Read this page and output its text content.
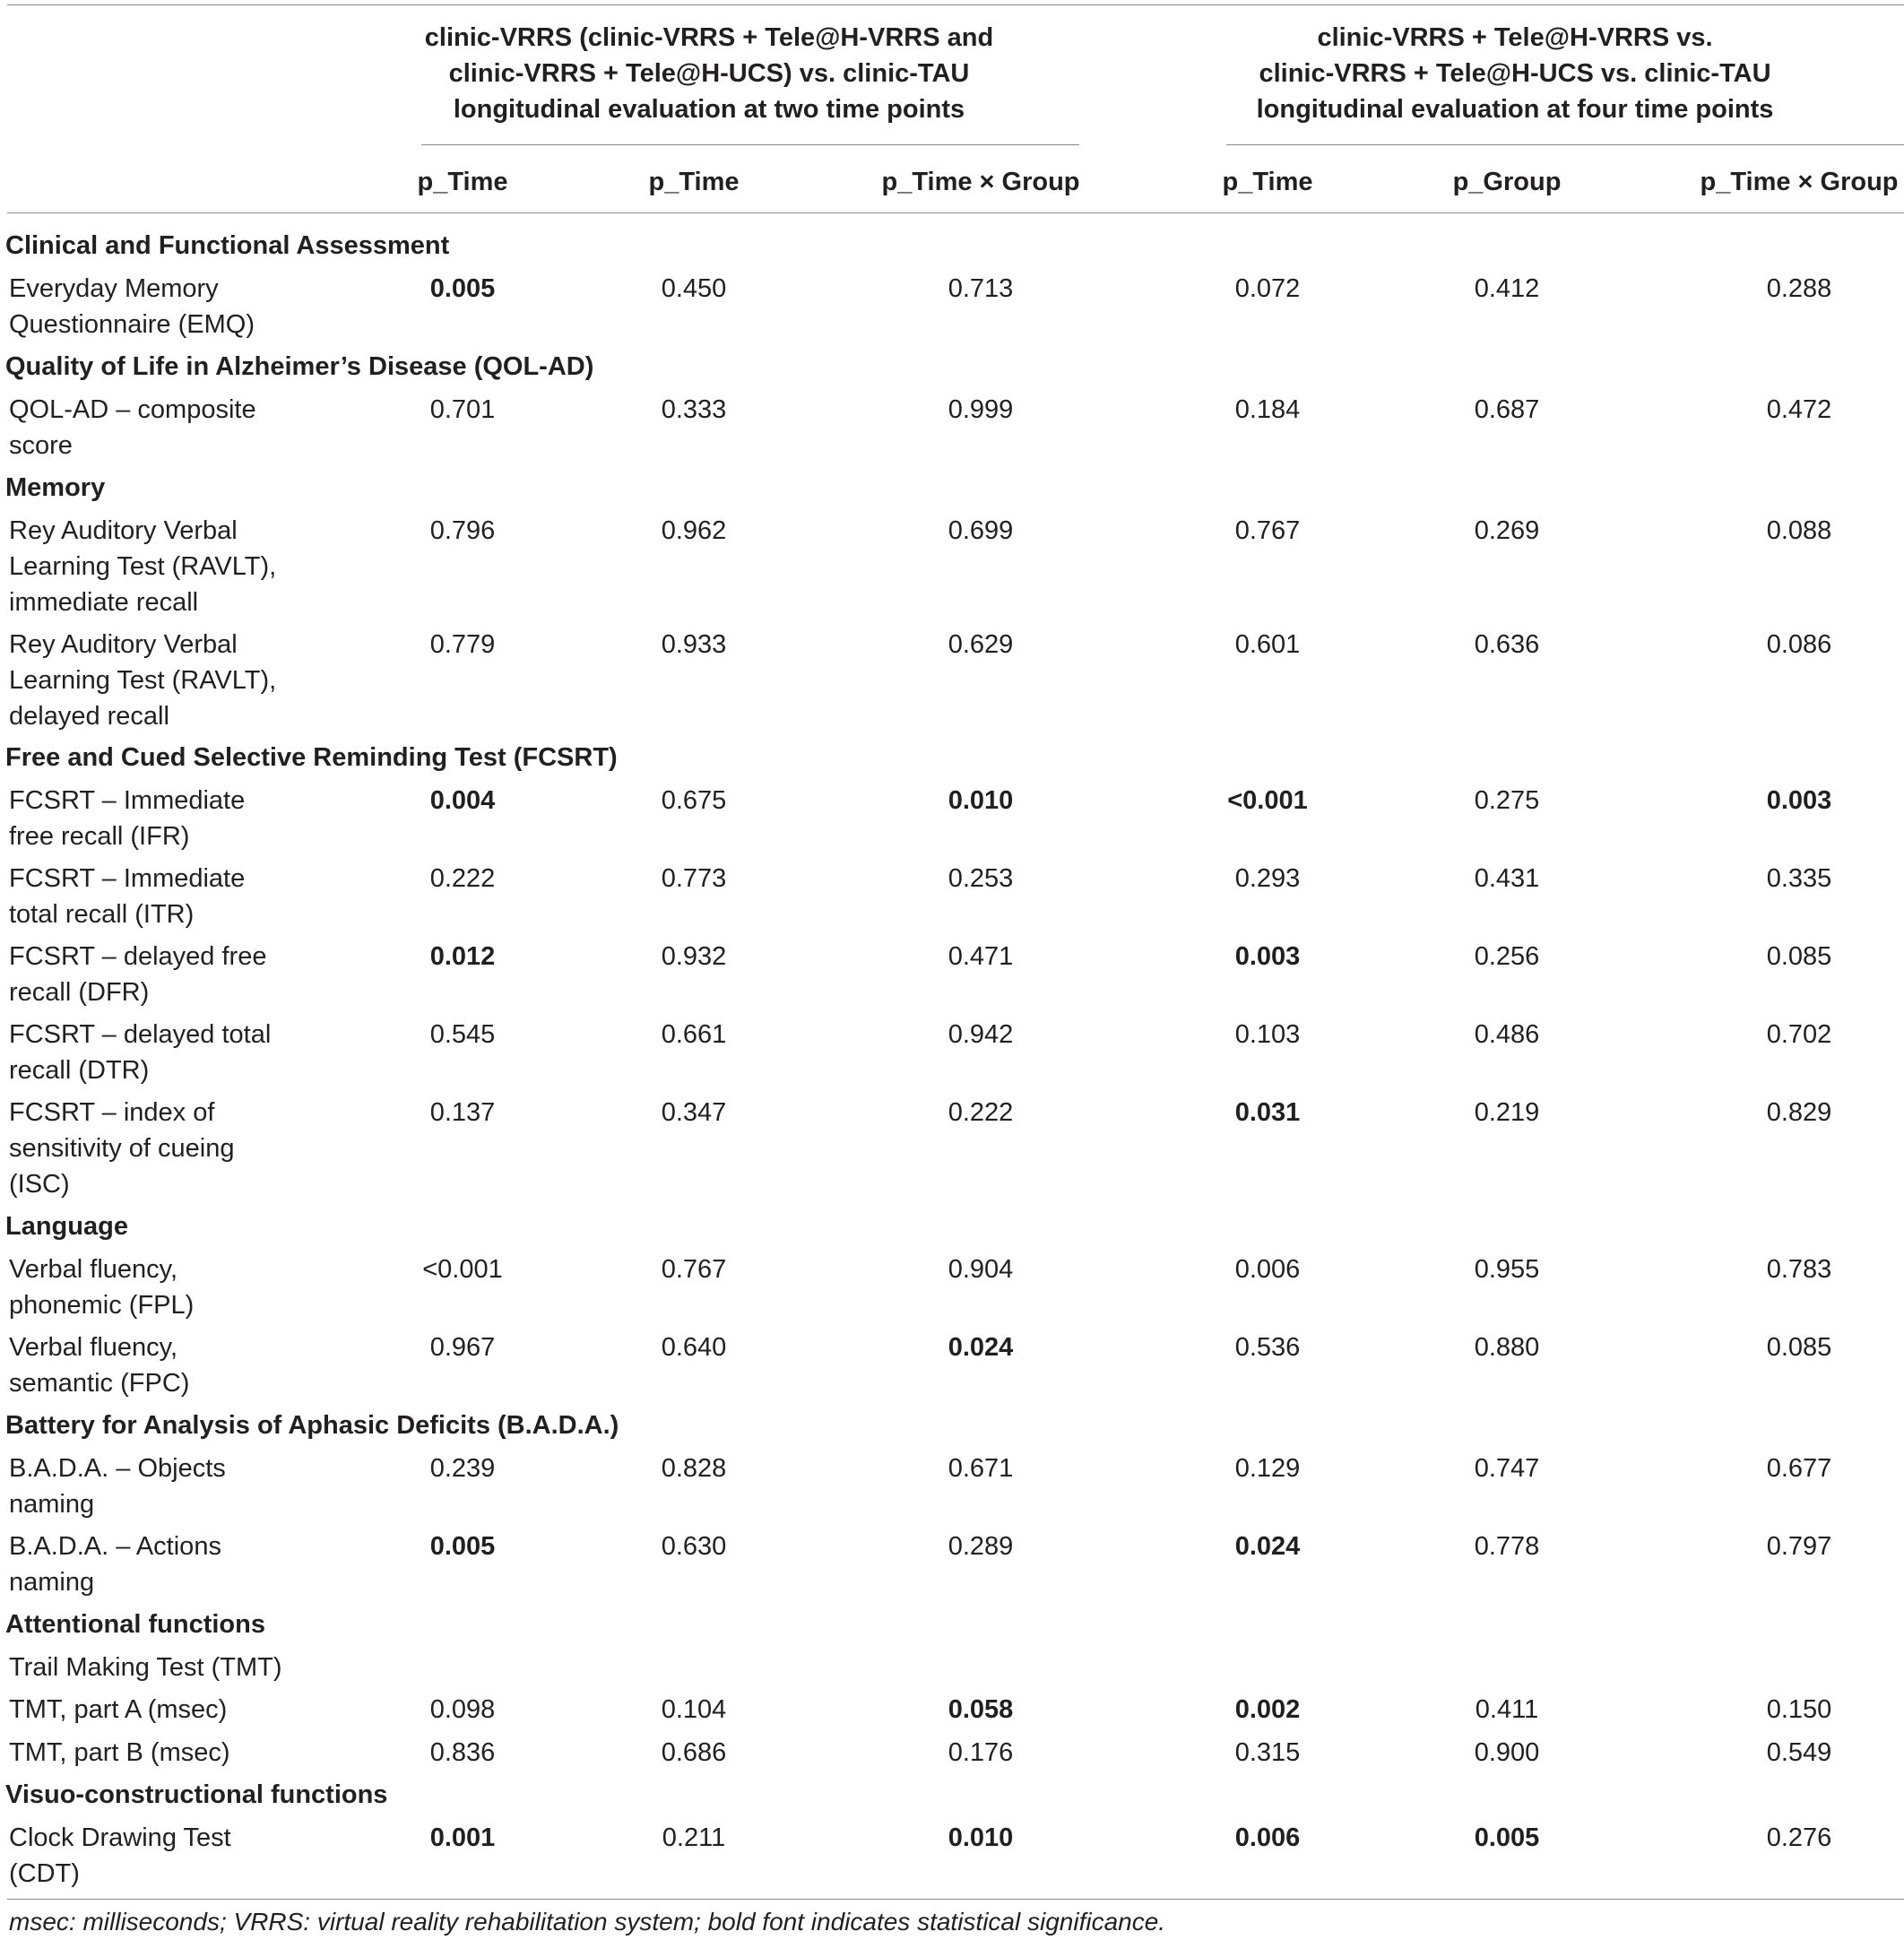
clinic-VRRS (clinic-VRRS + Tele@H-VRRS and
clinic-VRRS + Tele@H-UCS) vs. clinic-TAU
longitudinal evaluation at two time points
clinic-VRRS + Tele@H-VRRS vs.
clinic-VRRS + Tele@H-UCS vs. clinic-TAU
longitudinal evaluation at four time points
p_Time	p_Time	p_Time × Group	p_Time	p_Group	p_Time × Group
Clinical and Functional Assessment
Everyday Memory
Questionnaire (EMQ)
0.005	0.450	0.713	0.072	0.412	0.288
Quality of Life in Alzheimer’s Disease (QOL-AD)
QOL-AD – composite
score
0.701	0.333	0.999	0.184	0.687	0.472
Memory
Rey Auditory Verbal
Learning Test (RAVLT),
immediate recall
0.796	0.962	0.699	0.767	0.269	0.088
Rey Auditory Verbal
Learning Test (RAVLT),
delayed recall
0.779	0.933	0.629	0.601	0.636	0.086
Free and Cued Selective Reminding Test (FCSRT)
FCSRT – Immediate
free recall (IFR)
0.004	0.675	0.010	<0.001	0.275	0.003
FCSRT – Immediate
total recall (ITR)
0.222	0.773	0.253	0.293	0.431	0.335
FCSRT – delayed free
recall (DFR)
0.012	0.932	0.471	0.003	0.256	0.085
FCSRT – delayed total
recall (DTR)
0.545	0.661	0.942	0.103	0.486	0.702
FCSRT – index of
sensitivity of cueing
(ISC)
0.137	0.347	0.222	0.031	0.219	0.829
Language
Verbal fluency,
phonemic (FPL)
<0.001	0.767	0.904	0.006	0.955	0.783
Verbal fluency,
semantic (FPC)
0.967	0.640	0.024	0.536	0.880	0.085
Battery for Analysis of Aphasic Deficits (B.A.D.A.)
B.A.D.A. – Objects
naming
0.239	0.828	0.671	0.129	0.747	0.677
B.A.D.A. – Actions
naming
0.005	0.630	0.289	0.024	0.778	0.797
Attentional functions
Trail Making Test (TMT)
TMT, part A (msec)	0.098	0.104	0.058	0.002	0.411	0.150
TMT, part B (msec)	0.836	0.686	0.176	0.315	0.900	0.549
Visuo-constructional functions
Clock Drawing Test
(CDT)
0.001	0.211	0.010	0.006	0.005	0.276
msec: milliseconds; VRRS: virtual reality rehabilitation system; bold font indicates statistical significance.
